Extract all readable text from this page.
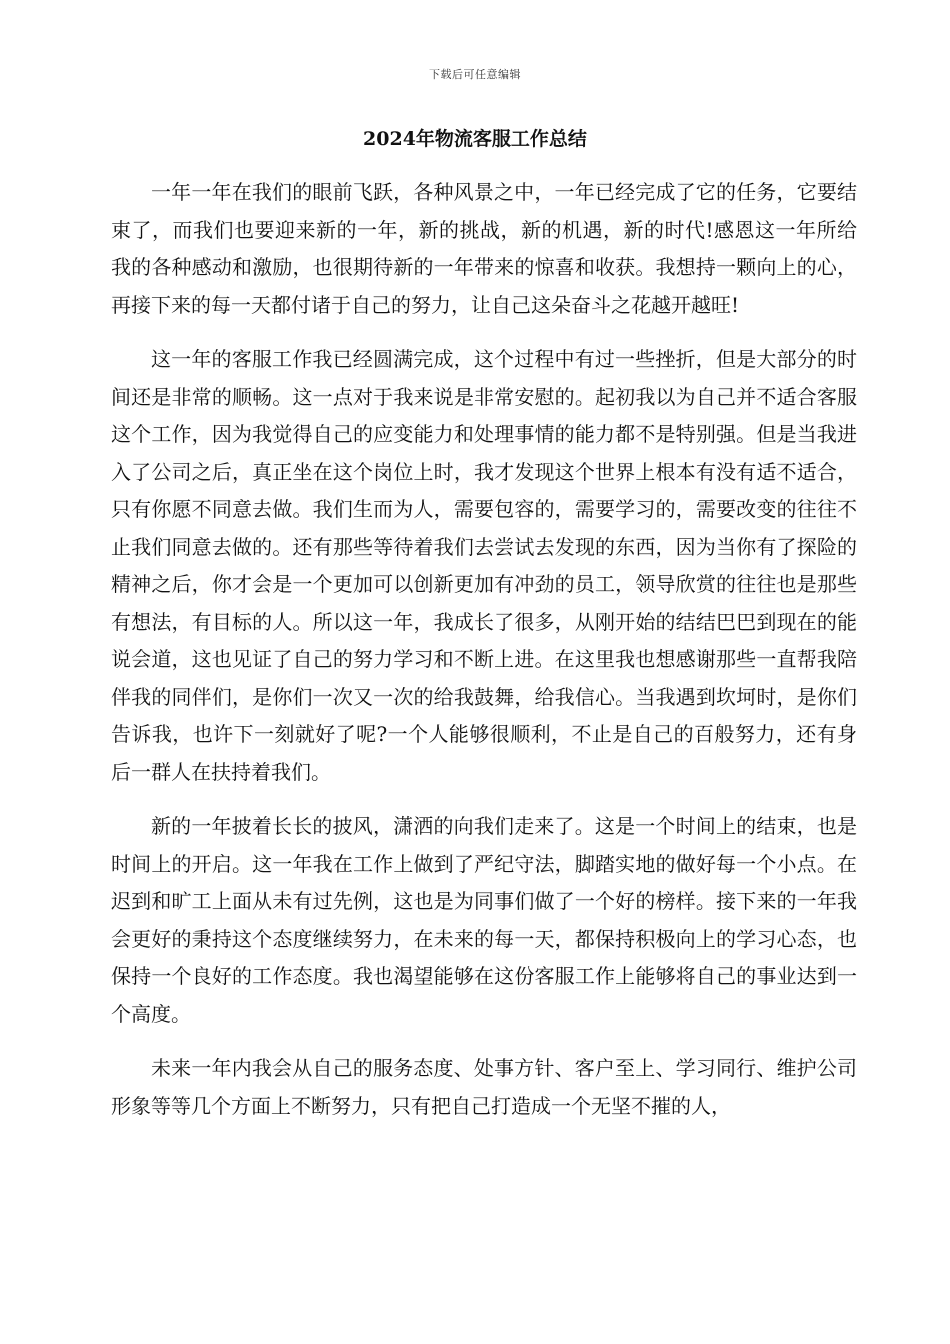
下载后可任意编辑
2024年物流客服工作总结

一年一年在我们的眼前飞跃，各种风景之中，一年已经完成了它的任务，它要结束了，而我们也要迎来新的一年，新的挑战，新的机遇，新的时代!感恩这一年所给我的各种感动和激励，也很期待新的一年带来的惊喜和收获。我想持一颗向上的心，再接下来的每一天都付诸于自己的努力，让自己这朵奋斗之花越开越旺!

这一年的客服工作我已经圆满完成，这个过程中有过一些挫折，但是大部分的时间还是非常的顺畅。这一点对于我来说是非常安慰的。起初我以为自己并不适合客服这个工作，因为我觉得自己的应变能力和处理事情的能力都不是特别强。但是当我进入了公司之后，真正坐在这个岗位上时，我才发现这个世界上根本有没有适不适合，只有你愿不同意去做。我们生而为人，需要包容的，需要学习的，需要改变的往往不止我们同意去做的。还有那些等待着我们去尝试去发现的东西，因为当你有了探险的精神之后，你才会是一个更加可以创新更加有冲劲的员工，领导欣赏的往往也是那些有想法，有目标的人。所以这一年，我成长了很多，从刚开始的结结巴巴到现在的能说会道，这也见证了自己的努力学习和不断上进。在这里我也想感谢那些一直帮我陪伴我的同伴们，是你们一次又一次的给我鼓舞，给我信心。当我遇到坎坷时，是你们告诉我，也许下一刻就好了呢?一个人能够很顺利，不止是自己的百般努力，还有身后一群人在扶持着我们。

新的一年披着长长的披风，潇洒的向我们走来了。这是一个时间上的结束，也是时间上的开启。这一年我在工作上做到了严纪守法，脚踏实地的做好每一个小点。在迟到和旷工上面从未有过先例，这也是为同事们做了一个好的榜样。接下来的一年我会更好的秉持这个态度继续努力，在未来的每一天，都保持积极向上的学习心态，也保持一个良好的工作态度。我也渴望能够在这份客服工作上能够将自己的事业达到一个高度。

未来一年内我会从自己的服务态度、处事方针、客户至上、学习同行、维护公司形象等等几个方面上不断努力，只有把自己打造成一个无坚不摧的人，
